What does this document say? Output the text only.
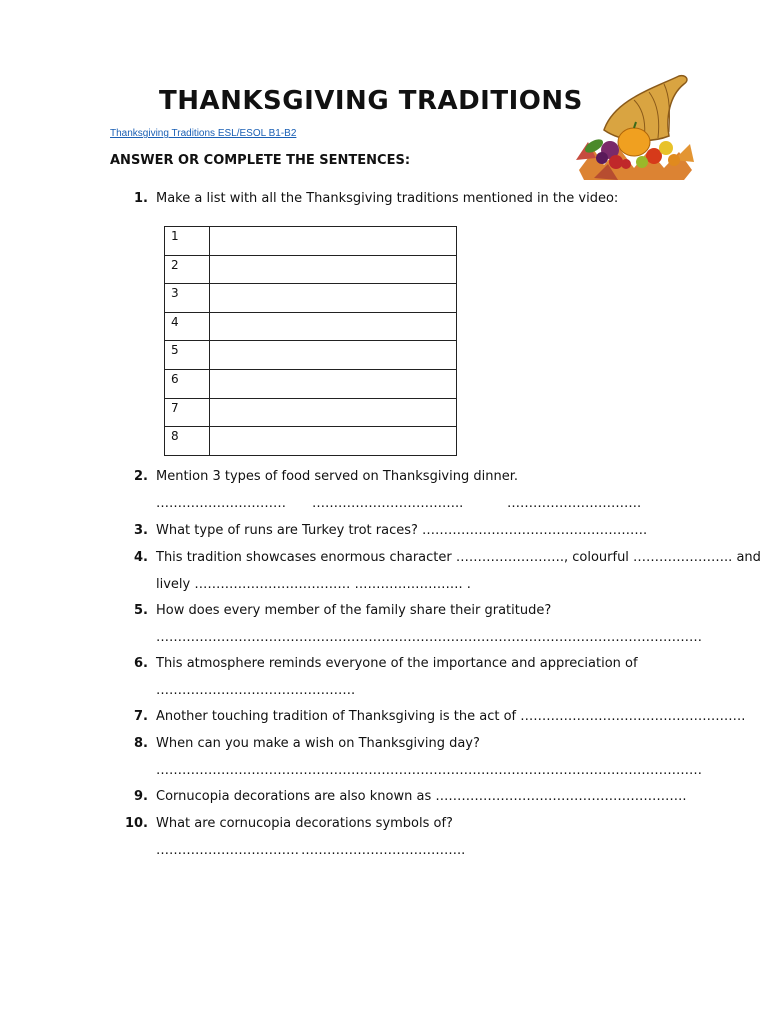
THANKSGIVING TRADITIONS
Thanksgiving Traditions ESL/ESOL B1-B2

ANSWER OR COMPLETE THE SENTENCES:

1. Make a list with all the Thanksgiving traditions mentioned in the video:
1	
2	
3	
4	
5	
6	
7	
8	
2. Mention 3 types of food served on Thanksgiving dinner.
………………………… ……………………………..	………………………….
3. What type of runs are Turkey trot races? …………………………………………….
4. This tradition showcases enormous character ……………………., colourful ………………….. and
lively ……………………………… ……………………. .
5. How does every member of the family share their gratitude?
………………………………………………………………………………………………………………
6. This atmosphere reminds everyone of the importance and appreciation of
……………………………………….
7. Another touching tradition of Thanksgiving is the act of …………………………………………….
8. When can you make a wish on Thanksgiving day?
………………………………………………………………………………………………………………
9. Cornucopia decorations are also known as ………………………………………………….
10. What are cornucopia decorations symbols of?
…………………………… ………………………………..
